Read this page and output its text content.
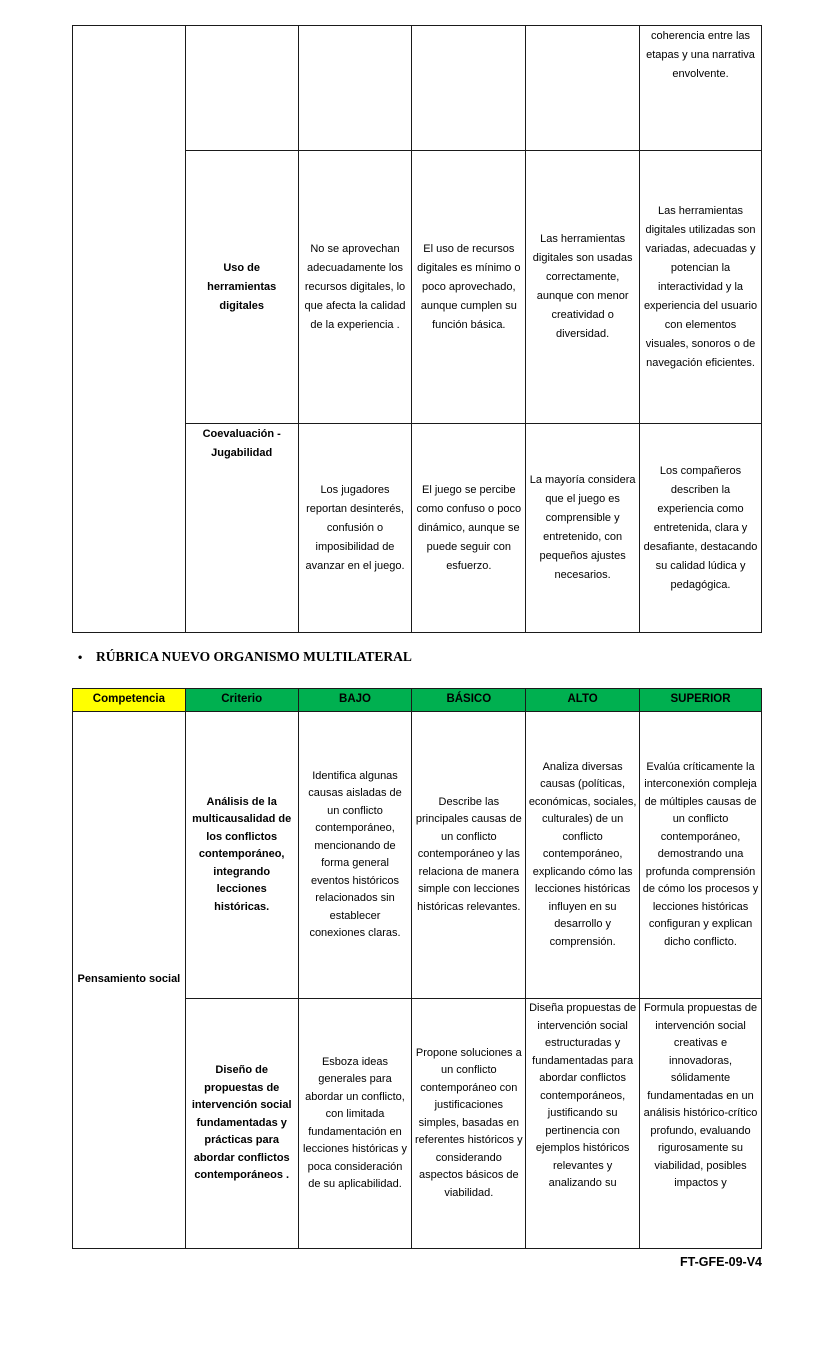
					coherencia entre las etapas y una narrativa envolvente.
	Uso de herramientas digitales	No se aprovechan adecuadamente los recursos digitales, lo que afecta la calidad de la experiencia .	El uso de recursos digitales es mínimo o poco aprovechado, aunque cumplen su función básica.	Las herramientas digitales son usadas correctamente, aunque con menor creatividad o diversidad.	Las herramientas digitales utilizadas son variadas, adecuadas y potencian la interactividad y la experiencia del usuario con elementos visuales, sonoros o de navegación eficientes.
	Coevaluación - Jugabilidad	Los jugadores reportan desinterés, confusión o imposibilidad de avanzar en el juego.	El juego se percibe como confuso o poco dinámico, aunque se puede seguir con esfuerzo.	La mayoría considera que el juego es comprensible y entretenido, con pequeños ajustes necesarios.	Los compañeros describen la experiencia como entretenida, clara y desafiante, destacando su calidad lúdica y pedagógica.
• RÚBRICA NUEVO ORGANISMO MULTILATERAL
Competencia	Criterio	BAJO	BÁSICO	ALTO	SUPERIOR
Pensamiento social	Análisis de la multicausalidad de los conflictos contemporáneo, integrando lecciones históricas.	Identifica algunas causas aisladas de un conflicto contemporáneo, mencionando de forma general eventos históricos relacionados sin establecer conexiones claras.	Describe las principales causas de un conflicto contemporáneo y las relaciona de manera simple con lecciones históricas relevantes.	Analiza diversas causas (políticas, económicas, sociales, culturales) de un conflicto contemporáneo, explicando cómo las lecciones históricas influyen en su desarrollo y comprensión.	Evalúa críticamente la interconexión compleja de múltiples causas de un conflicto contemporáneo, demostrando una profunda comprensión de cómo los procesos y lecciones históricas configuran y explican dicho conflicto.
	Diseño de propuestas de intervención social fundamentadas y prácticas para abordar conflictos contemporáneos .	Esboza ideas generales para abordar un conflicto, con limitada fundamentación en lecciones históricas y poca consideración de su aplicabilidad.	Propone soluciones a un conflicto contemporáneo con justificaciones simples, basadas en referentes históricos y considerando aspectos básicos de viabilidad.	Diseña propuestas de intervención social estructuradas y fundamentadas para abordar conflictos contemporáneos, justificando su pertinencia con ejemplos históricos relevantes y analizando su	Formula propuestas de intervención social creativas e innovadoras, sólidamente fundamentadas en un análisis histórico-crítico profundo, evaluando rigurosamente su viabilidad, posibles impactos y
FT-GFE-09-V4
